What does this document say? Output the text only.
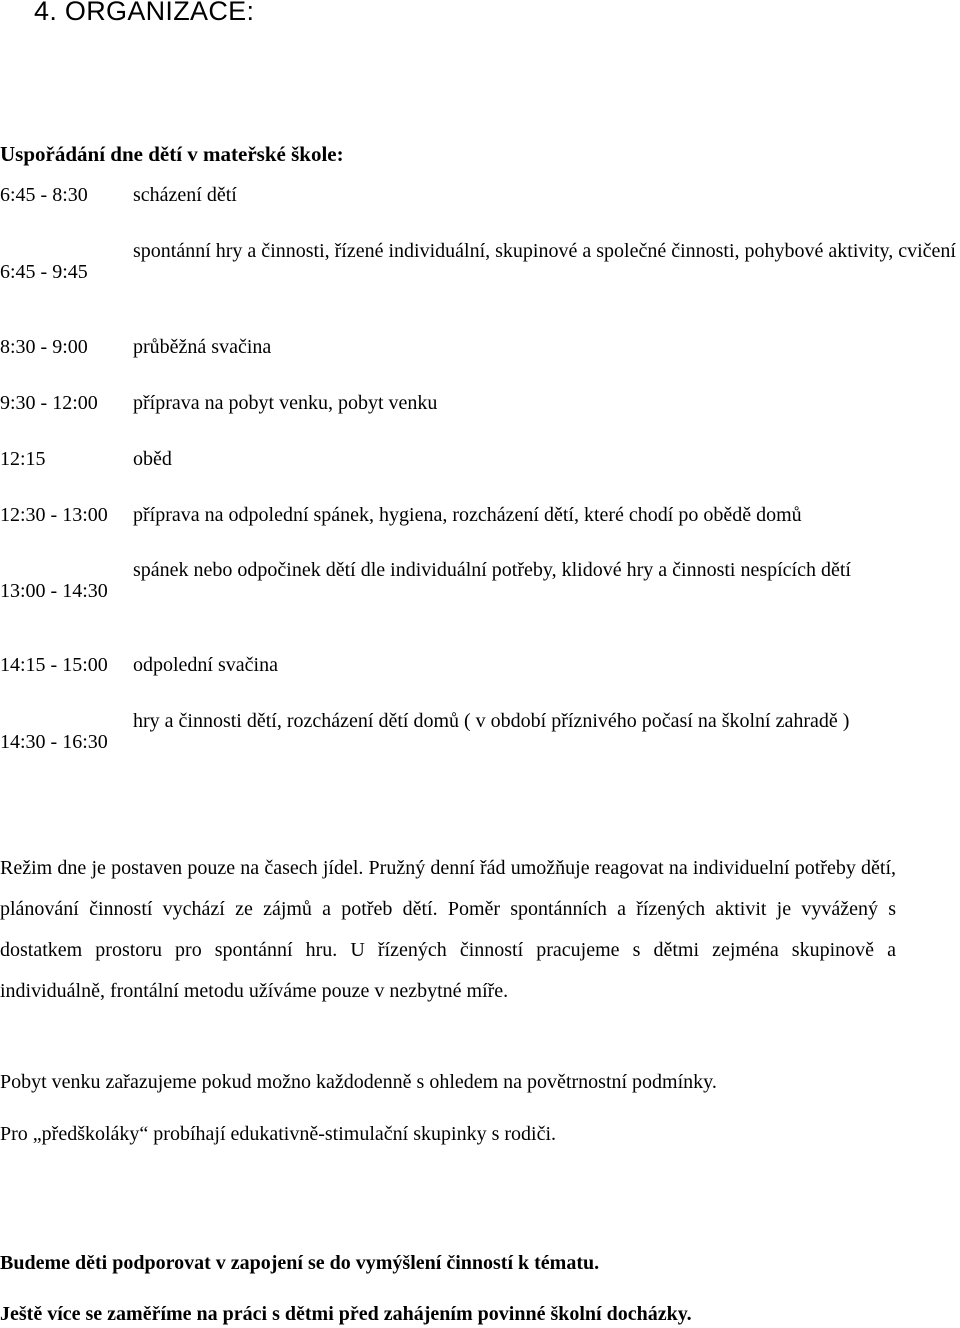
4. ORGANIZACE:
Uspořádání dne dětí v mateřské škole:
6:45 - 8:30 scházení dětí
6:45 - 9:45
spontánní hry a činnosti, řízené individuální, skupinové a společné činnosti, pohybové aktivity, cvičení
8:30 - 9:00 průběžná svačina
9:30 - 12:00 příprava na pobyt venku, pobyt venku
12:15	oběd
12:30 - 13:00 příprava na odpolední spánek, hygiena, rozcházení dětí, které chodí po obědě domů
13:00 - 14:30
spánek nebo odpočinek dětí dle individuální potřeby, klidové hry a činnosti nespících dětí
14:15 - 15:00 odpolední svačina
14:30 - 16:30
hry a činnosti dětí, rozcházení dětí domů ( v období příznivého počasí na školní zahradě )

Režim dne je postaven pouze na časech jídel. Pružný denní řád umožňuje reagovat na individuelní potřeby dětí, plánování činností vychází ze zájmů a potřeb dětí. Poměr spontánních a řízených aktivit je vyvážený s dostatkem prostoru pro spontánní hru. U řízených činností pracujeme s dětmi zejména skupinově a individuálně, frontální metodu užíváme pouze v nezbytné míře.

Pobyt venku zařazujeme pokud možno každodenně s ohledem na povětrnostní podmínky.

Pro „předškoláky“ probíhají edukativně-stimulační skupinky s rodiči.

Budeme děti podporovat v zapojení se do vymýšlení činností k tématu.

Ještě více se zaměříme na práci s dětmi před zahájením povinné školní docházky.
